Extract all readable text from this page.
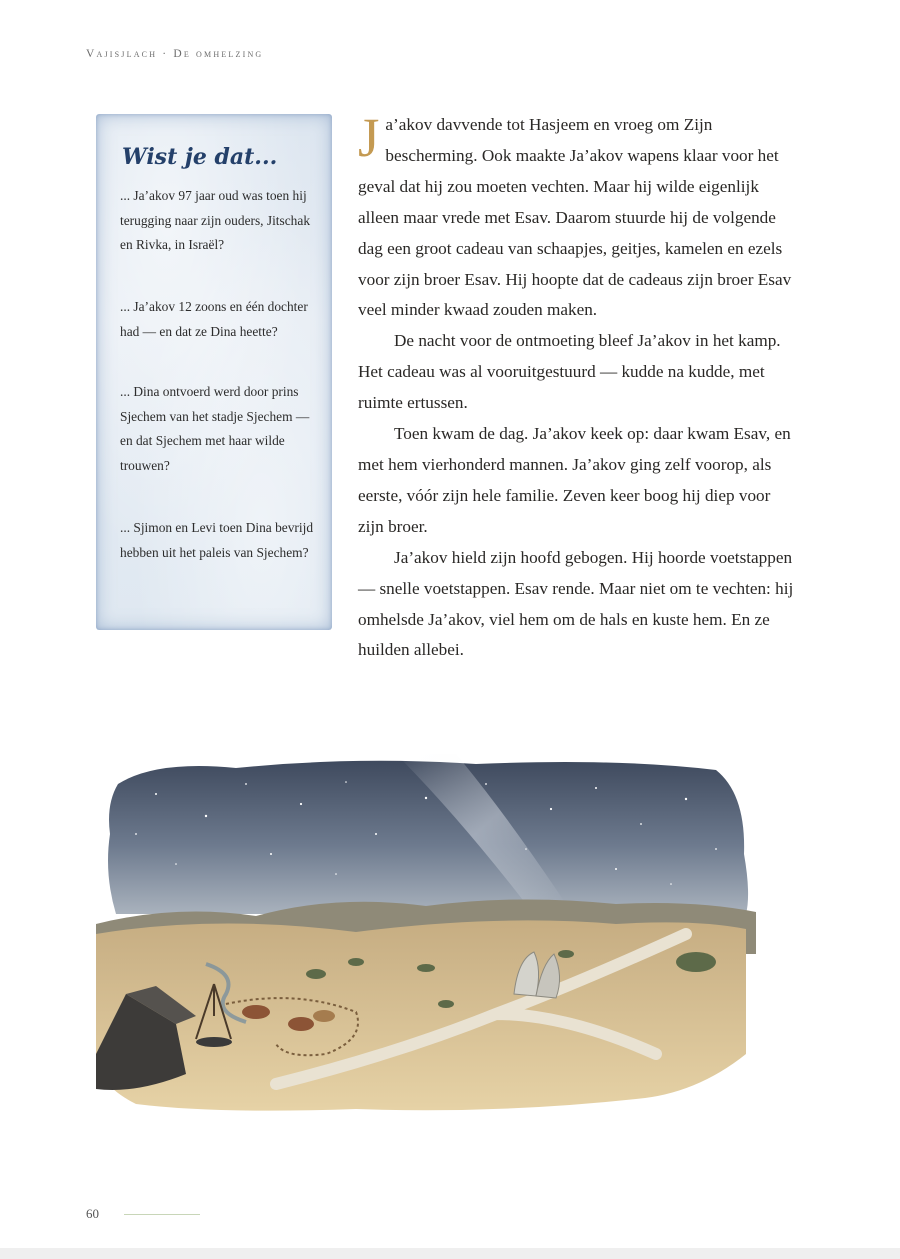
Vajisjlach · De omhelzing
Wist je dat...
... Ja’akov 97 jaar oud was toen hij terugging naar zijn ouders, Jitschak en Rivka, in Israël?
... Ja’akov 12 zoons en één dochter had — en dat ze Dina heette?
... Dina ontvoerd werd door prins Sjechem van het stadje Sjechem — en dat Sjechem met haar wilde trouwen?
... Sjimon en Levi toen Dina bevrijd hebben uit het paleis van Sjechem?

Ja’akov davvende tot Hasjeem en vroeg om Zijn bescherming. Ook maakte Ja’akov wapens klaar voor het geval dat hij zou moeten vechten. Maar hij wilde eigenlijk alleen maar vrede met Esav. Daarom stuurde hij de volgende dag een groot cadeau van schaapjes, geitjes, kamelen en ezels voor zijn broer Esav. Hij hoopte dat de cadeaus zijn broer Esav veel minder kwaad zouden maken.

De nacht voor de ontmoeting bleef Ja’akov in het kamp. Het cadeau was al vooruitgestuurd — kudde na kudde, met ruimte ertussen.

Toen kwam de dag. Ja’akov keek op: daar kwam Esav, en met hem vierhonderd mannen. Ja’akov ging zelf voorop, als eerste, vóór zijn hele familie. Zeven keer boog hij diep voor zijn broer.

Ja’akov hield zijn hoofd gebogen. Hij hoorde voetstappen — snelle voetstappen. Esav rende. Maar niet om te vechten: hij omhelsde Ja’akov, viel hem om de hals en kuste hem. En ze huilden allebei.

60
